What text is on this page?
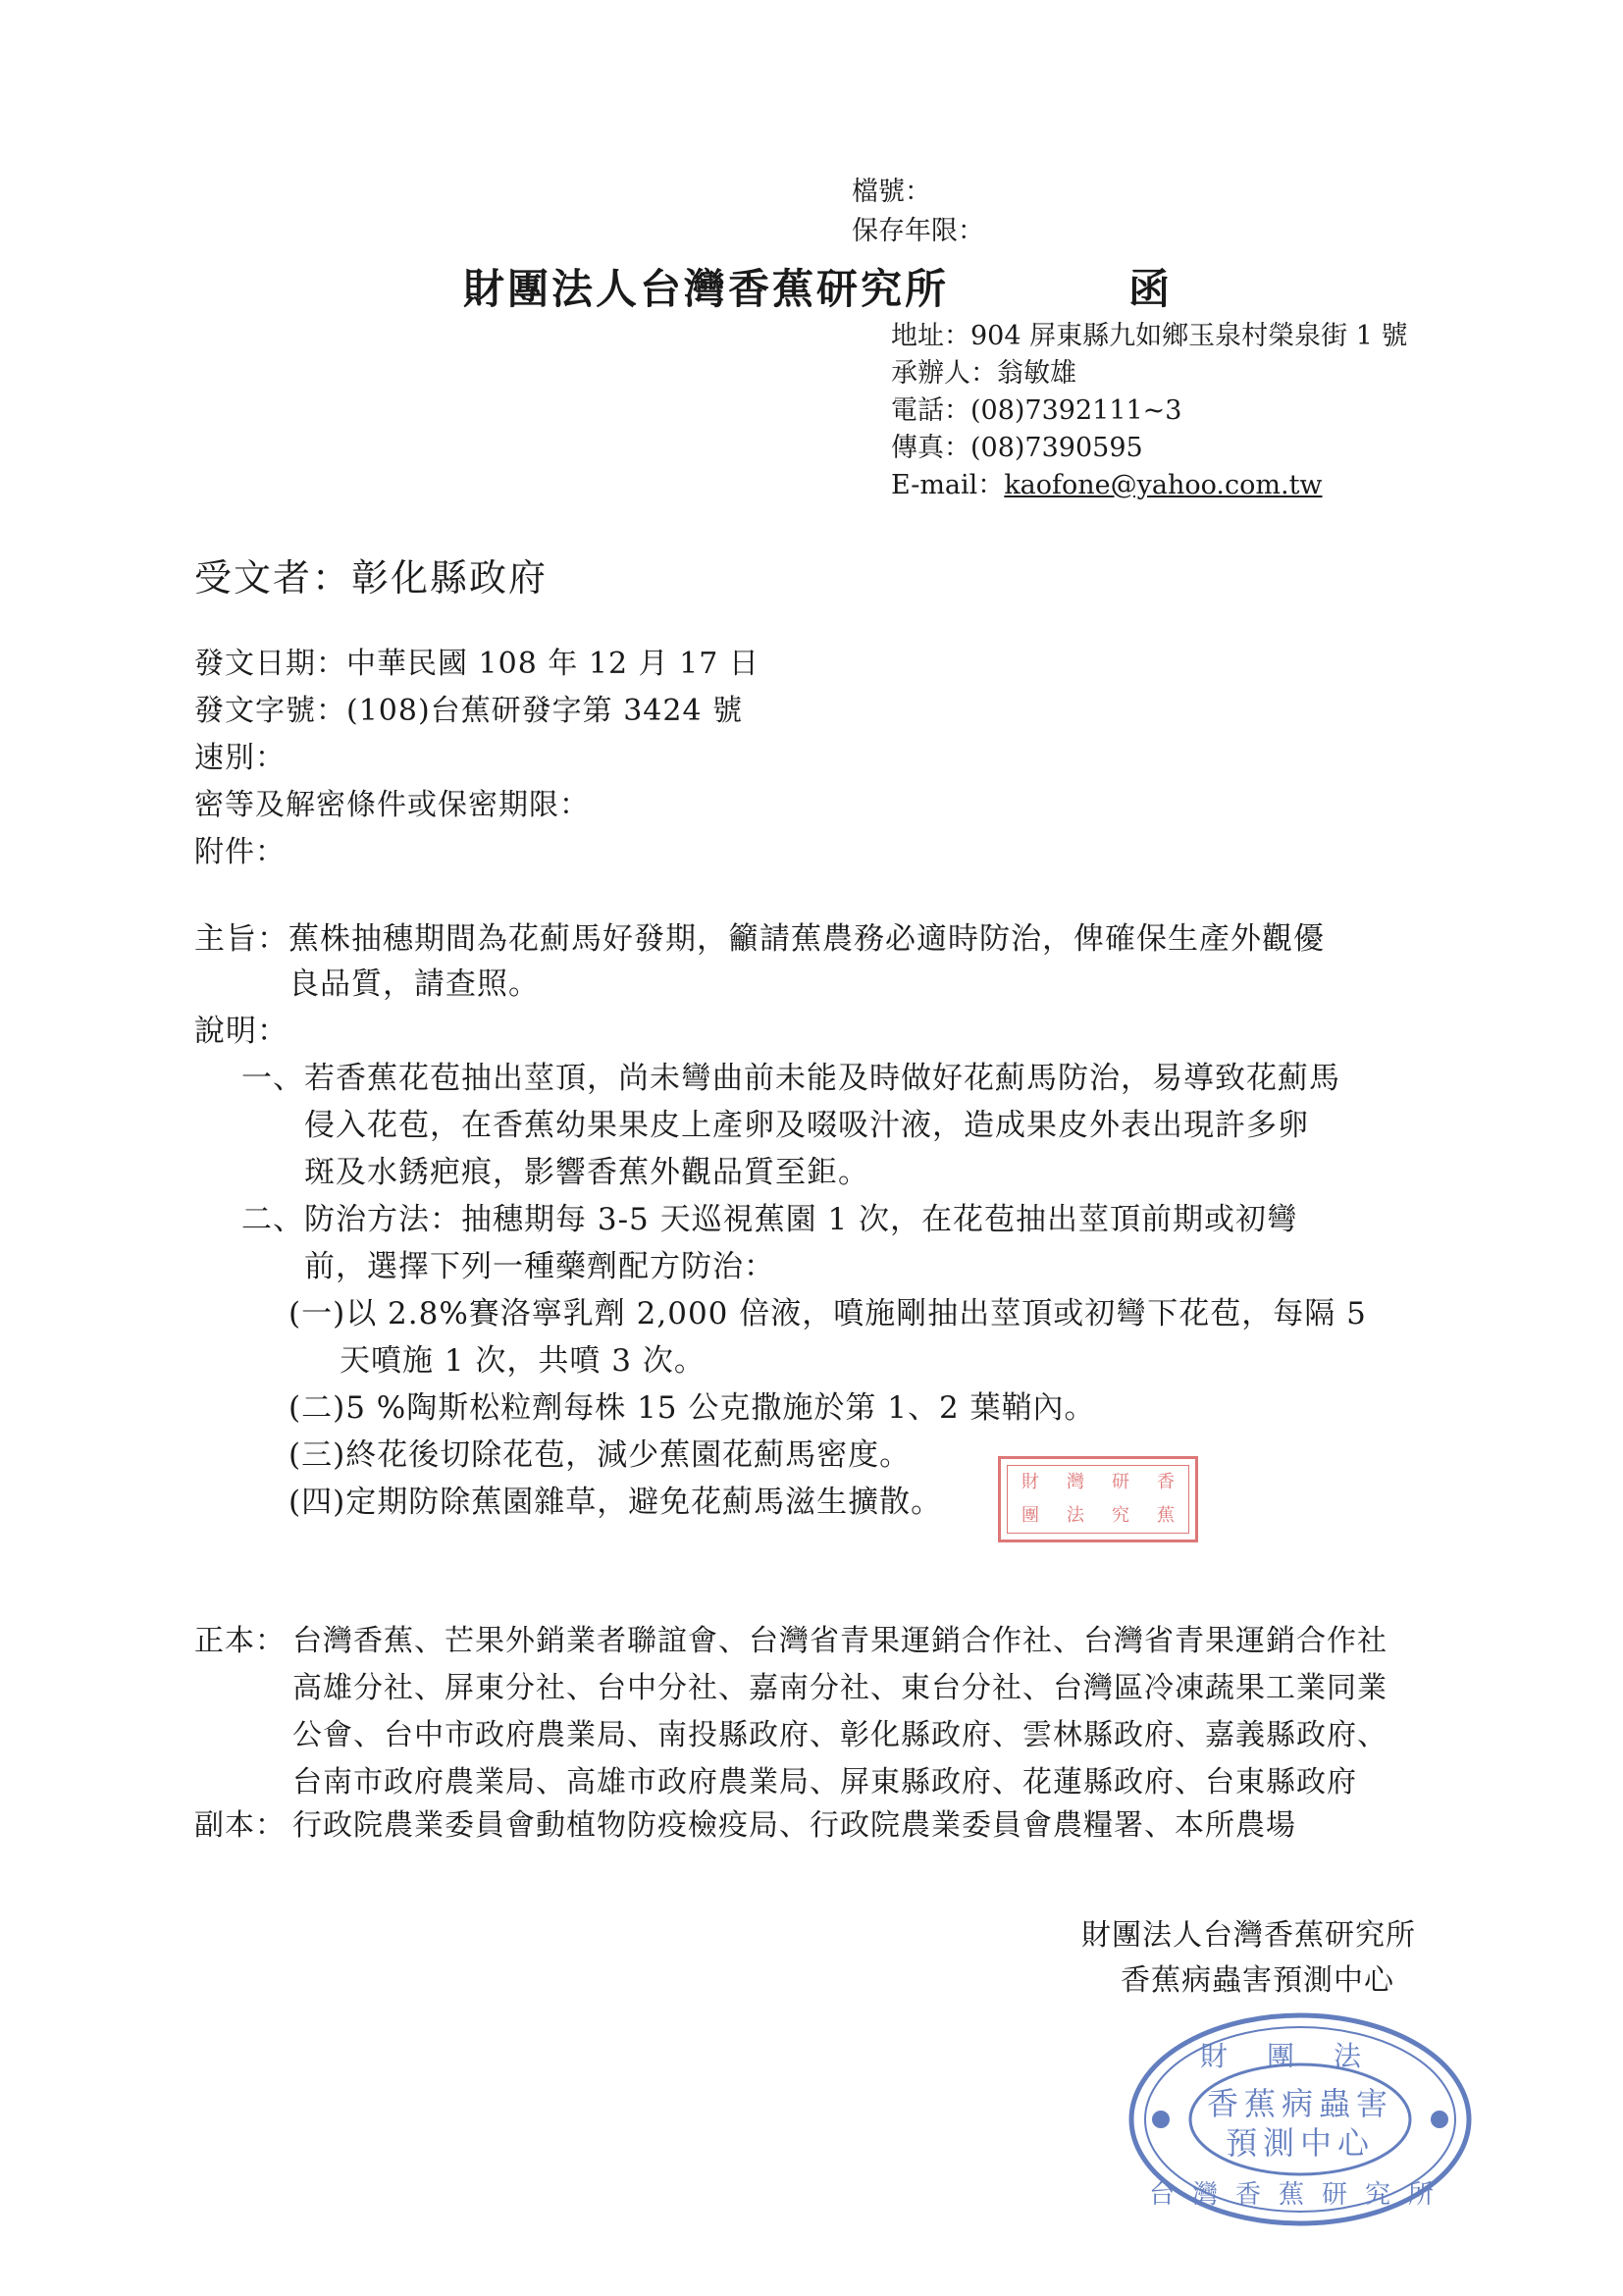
檔號：
保存年限：
財團法人台灣香蕉研究所	函
地址：904 屏東縣九如鄉玉泉村榮泉街 1 號
承辦人：翁敏雄
電話：(08)7392111~3
傳真：(08)7390595
E-mail：kaofone@yahoo.com.tw
受文者：彰化縣政府
發文日期：中華民國 108 年 12 月 17 日
發文字號：(108)台蕉研發字第 3424 號
速別：
密等及解密條件或保密期限：
附件：
主旨： 蕉株抽穗期間為花薊馬好發期，籲請蕉農務必適時防治，俾確保生產外觀優
良品質，請查照。
說明：
一、若香蕉花苞抽出莖頂，尚未彎曲前未能及時做好花薊馬防治，易導致花薊馬
侵入花苞，在香蕉幼果果皮上產卵及啜吸汁液，造成果皮外表出現許多卵
斑及水銹疤痕，影響香蕉外觀品質至鉅。
二、防治方法：抽穗期每 3-5 天巡視蕉園 1 次，在花苞抽出莖頂前期或初彎
前，選擇下列一種藥劑配方防治：
(一)以 2.8%賽洛寧乳劑 2,000 倍液，噴施剛抽出莖頂或初彎下花苞，每隔 5
天噴施 1 次，共噴 3 次。
(二)5 %陶斯松粒劑每株 15 公克撒施於第 1、2 葉鞘內。
(三)終花後切除花苞，減少蕉園花薊馬密度。
(四)定期防除蕉園雜草，避免花薊馬滋生擴散。
財	灣	研	香
團	法	究	蕉
正本： 台灣香蕉、芒果外銷業者聯誼會、台灣省青果運銷合作社、台灣省青果運銷合作社
高雄分社、屏東分社、台中分社、嘉南分社、東台分社、台灣區冷凍蔬果工業同業
公會、台中市政府農業局、南投縣政府、彰化縣政府、雲林縣政府、嘉義縣政府、
台南市政府農業局、高雄市政府農業局、屏東縣政府、花蓮縣政府、台東縣政府
副本： 行政院農業委員會動植物防疫檢疫局、行政院農業委員會農糧署、本所農場
財團法人台灣香蕉研究所
香蕉病蟲害預測中心
財團法
香蕉病蟲害
預測中心
台灣香蕉研究所
